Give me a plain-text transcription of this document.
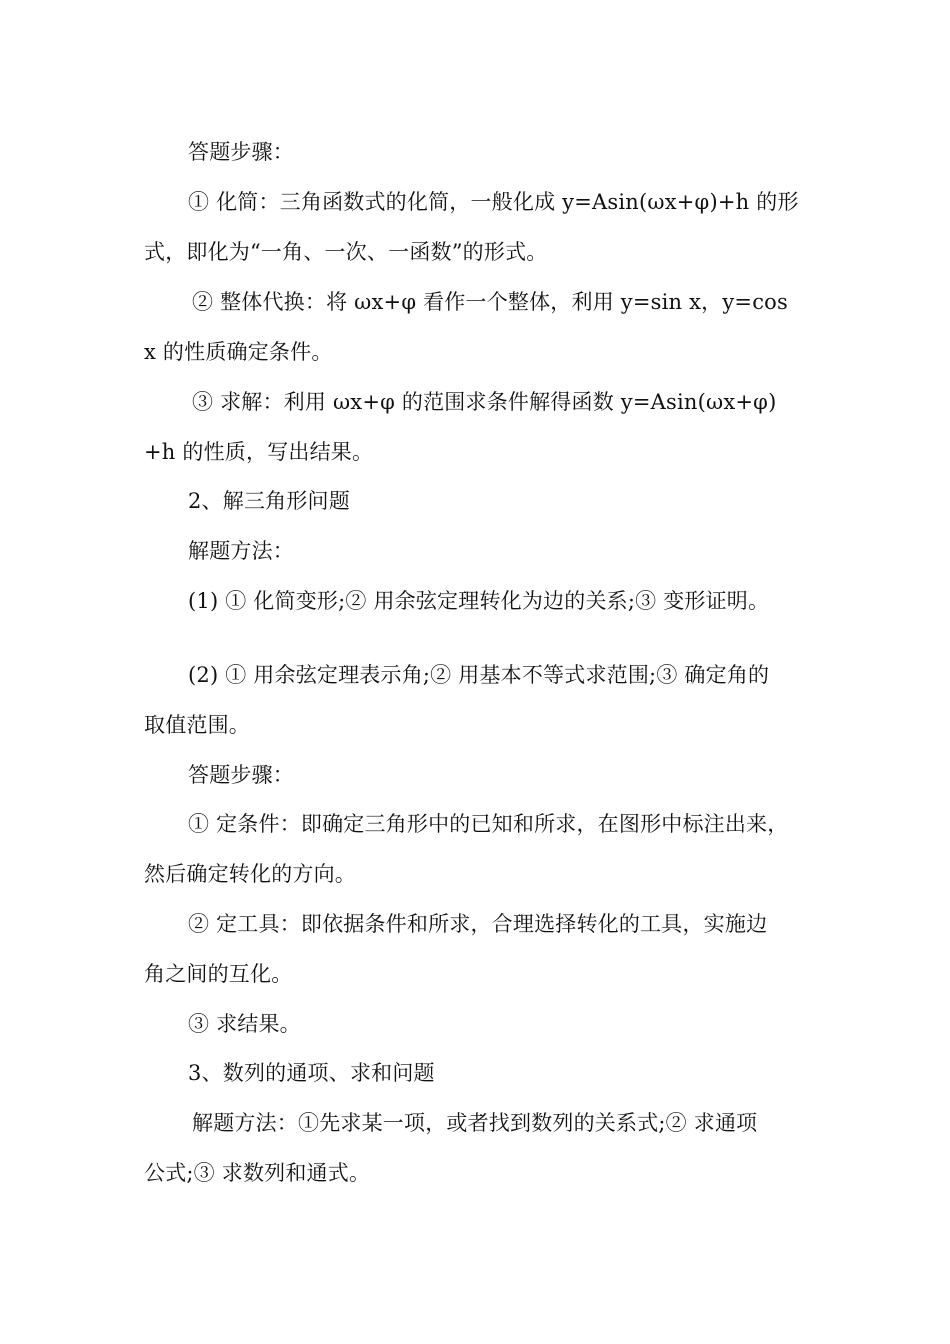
答题步骤：
① 化简：三角函数式的化简，一般化成 y=Asin(ωx+φ)+h 的形
式，即化为“一角、一次、一函数”的形式。
② 整体代换：将 ωx+φ 看作一个整体，利用 y=sin x，y=cos
x 的性质确定条件。
③ 求解：利用 ωx+φ 的范围求条件解得函数 y=Asin(ωx+φ)
+h 的性质，写出结果。
2、解三角形问题
解题方法：
(1) ① 化简变形;② 用余弦定理转化为边的关系;③ 变形证明。
(2) ① 用余弦定理表示角;② 用基本不等式求范围;③ 确定角的
取值范围。
答题步骤：
① 定条件：即确定三角形中的已知和所求，在图形中标注出来，
然后确定转化的方向。
② 定工具：即依据条件和所求，合理选择转化的工具，实施边
角之间的互化。
③ 求结果。
3、数列的通项、求和问题
解题方法：①先求某一项，或者找到数列的关系式;② 求通项
公式;③ 求数列和通式。
